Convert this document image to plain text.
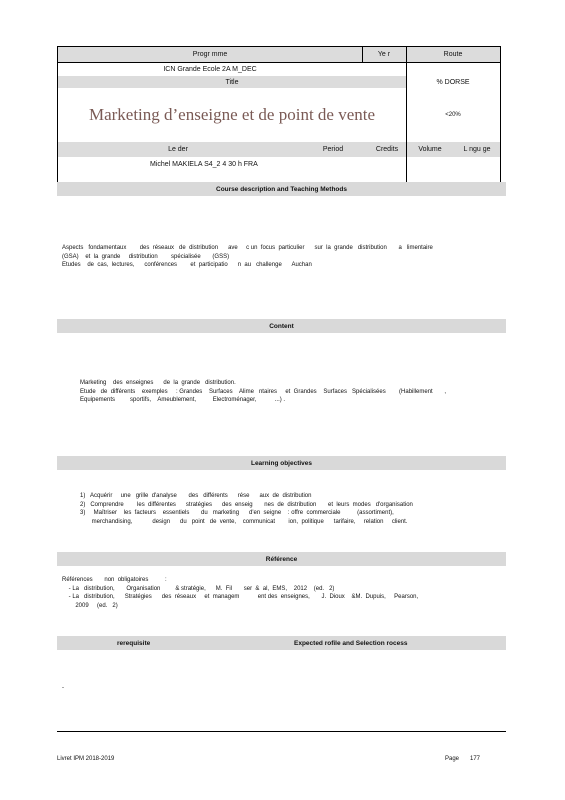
Progr mme	Ye r	Route
ICN Grande Ecole 2A M_DEC
Title	% DORSE
Marketing d’enseigne et de point de vente	<20%
Le der	Period	Credits	Volume	L ngu ge
Michel MAKIELA S4_2 4 30 h FRA
Course description and Teaching Methods
Aspects   fondamentaux        des  réseaux   de  distribution      ave     c un  focus  particulier      sur  la  grande   distribution       a   limentaire
(GSA)    et  la  grande     distribution        spécialisée       (GSS)
Etudes    de  cas,  lectures,      conférences        et  participatio      n  au   challenge      Auchan
Content
Marketing    des  enseignes      de  la  grande   distribution.
Etude   de  différents    exemples     : Grandes    Surfaces    Alime   ntaires     et  Grandes    Surfaces   Spécialisées        (Habillement       ,
Equipements         sportifs,    Ameublement,          Electroménager,           ...) .
Learning objectives
1)   Acquérir     une   grille  d'analyse       des   différents      rése      aux  de  distribution
2)   Comprendre        les  différentes      stratégies      des  enseig       nes  de  distribution       et  leurs  modes   d'organisation
3)     Maîtriser    les  facteurs    essentiels       du   marketing      d'en  seigne    : offre  commerciale          (assortiment),
merchandising,            design      du   point   de  vente,    communicat        ion,  politique      tarifaire,     relation     client.
Référence
Références       non  obligatoires          :
- La   distribution,       Organisation         & stratégie,      M.  Fil       ser  &  al,  EMS,    2012    (ed.   2)
- La   distribution,      Stratégies      des  réseaux     et  managem           ent des  enseignes,       J.  Dioux    &M.  Dupuis,     Pearson,
2009     (ed.   2)
rerequisite	Expected rofile and Selection rocess
-
Livret IPM 2018-2019	Page 177
